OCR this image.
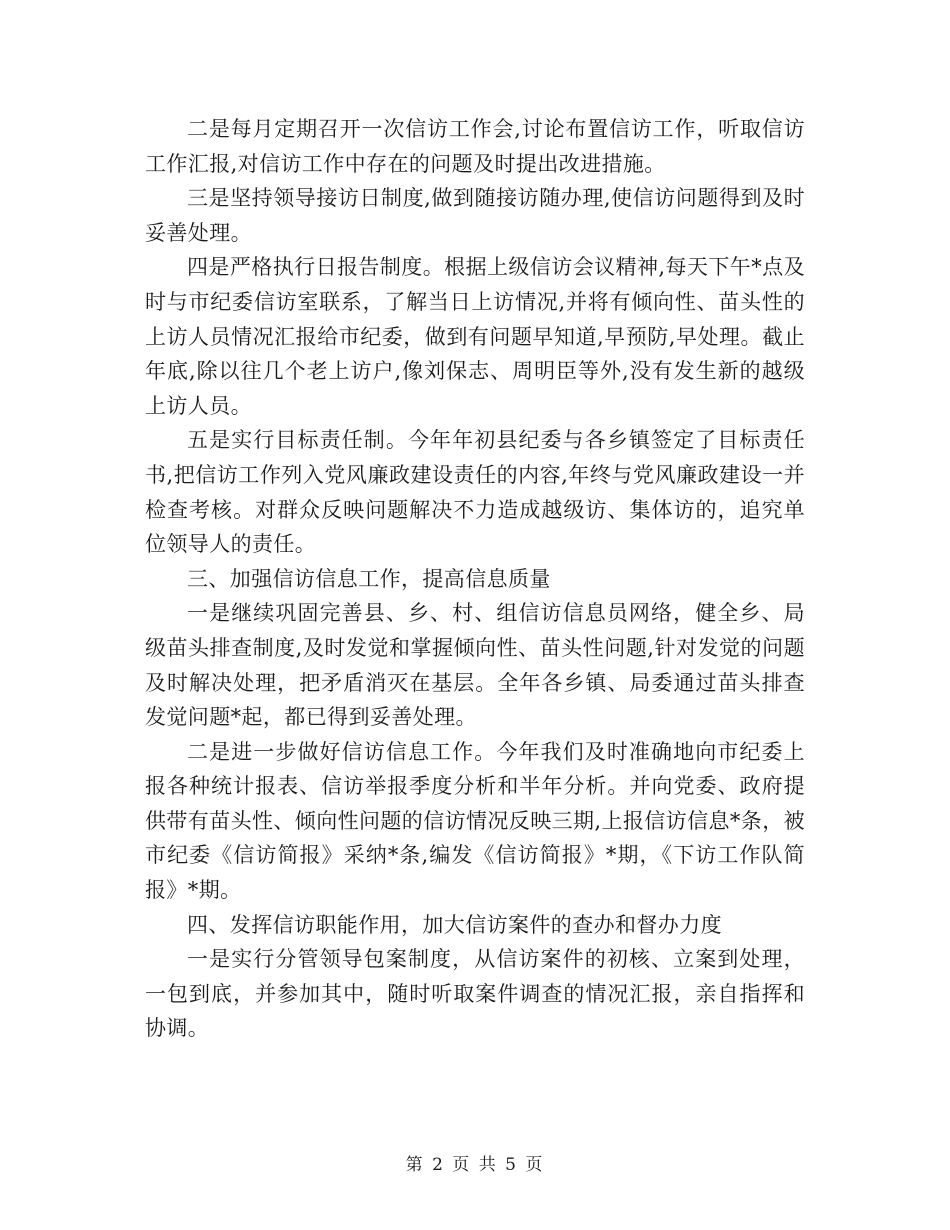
二是每月定期召开一次信访工作会,讨论布置信访工作，听取信访工作汇报,对信访工作中存在的问题及时提出改进措施。

三是坚持领导接访日制度,做到随接访随办理,使信访问题得到及时妥善处理。

四是严格执行日报告制度。根据上级信访会议精神,每天下午*点及时与市纪委信访室联系，了解当日上访情况,并将有倾向性、苗头性的上访人员情况汇报给市纪委，做到有问题早知道,早预防,早处理。截止年底,除以往几个老上访户,像刘保志、周明臣等外,没有发生新的越级上访人员。

五是实行目标责任制。今年年初县纪委与各乡镇签定了目标责任书,把信访工作列入党风廉政建设责任的内容,年终与党风廉政建设一并检查考核。对群众反映问题解决不力造成越级访、集体访的，追究单位领导人的责任。

三、加强信访信息工作，提高信息质量

一是继续巩固完善县、乡、村、组信访信息员网络，健全乡、局级苗头排查制度,及时发觉和掌握倾向性、苗头性问题,针对发觉的问题及时解决处理，把矛盾消灭在基层。全年各乡镇、局委通过苗头排查发觉问题*起，都已得到妥善处理。

二是进一步做好信访信息工作。今年我们及时准确地向市纪委上报各种统计报表、信访举报季度分析和半年分析。并向党委、政府提供带有苗头性、倾向性问题的信访情况反映三期,上报信访信息*条，被市纪委《信访简报》采纳*条,编发《信访简报》*期，《下访工作队简报》*期。

四、发挥信访职能作用，加大信访案件的查办和督办力度

一是实行分管领导包案制度，从信访案件的初核、立案到处理，一包到底，并参加其中，随时听取案件调查的情况汇报，亲自指挥和协调。

第 2 页 共 5 页
